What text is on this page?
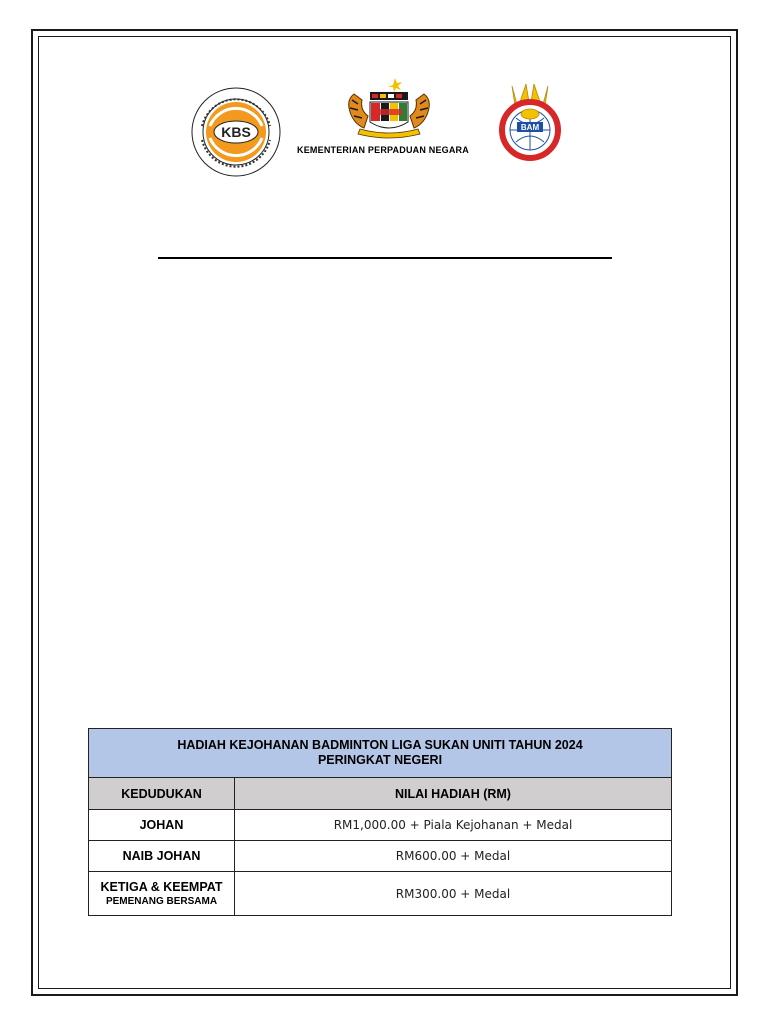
KBS
KEMENTERIAN PERPADUAN NEGARA
BAM
HADIAH KEJOHANAN BADMINTON LIGA SUKAN UNITI TAHUN 2024
PERINGKAT NEGERI	
KEDUDUKAN	NILAI HADIAH (RM)
JOHAN	RM1,000.00 + Piala Kejohanan + Medal
NAIB JOHAN	RM600.00 + Medal
KETIGA & KEEMPAT
PEMENANG BERSAMA	RM300.00 + Medal
